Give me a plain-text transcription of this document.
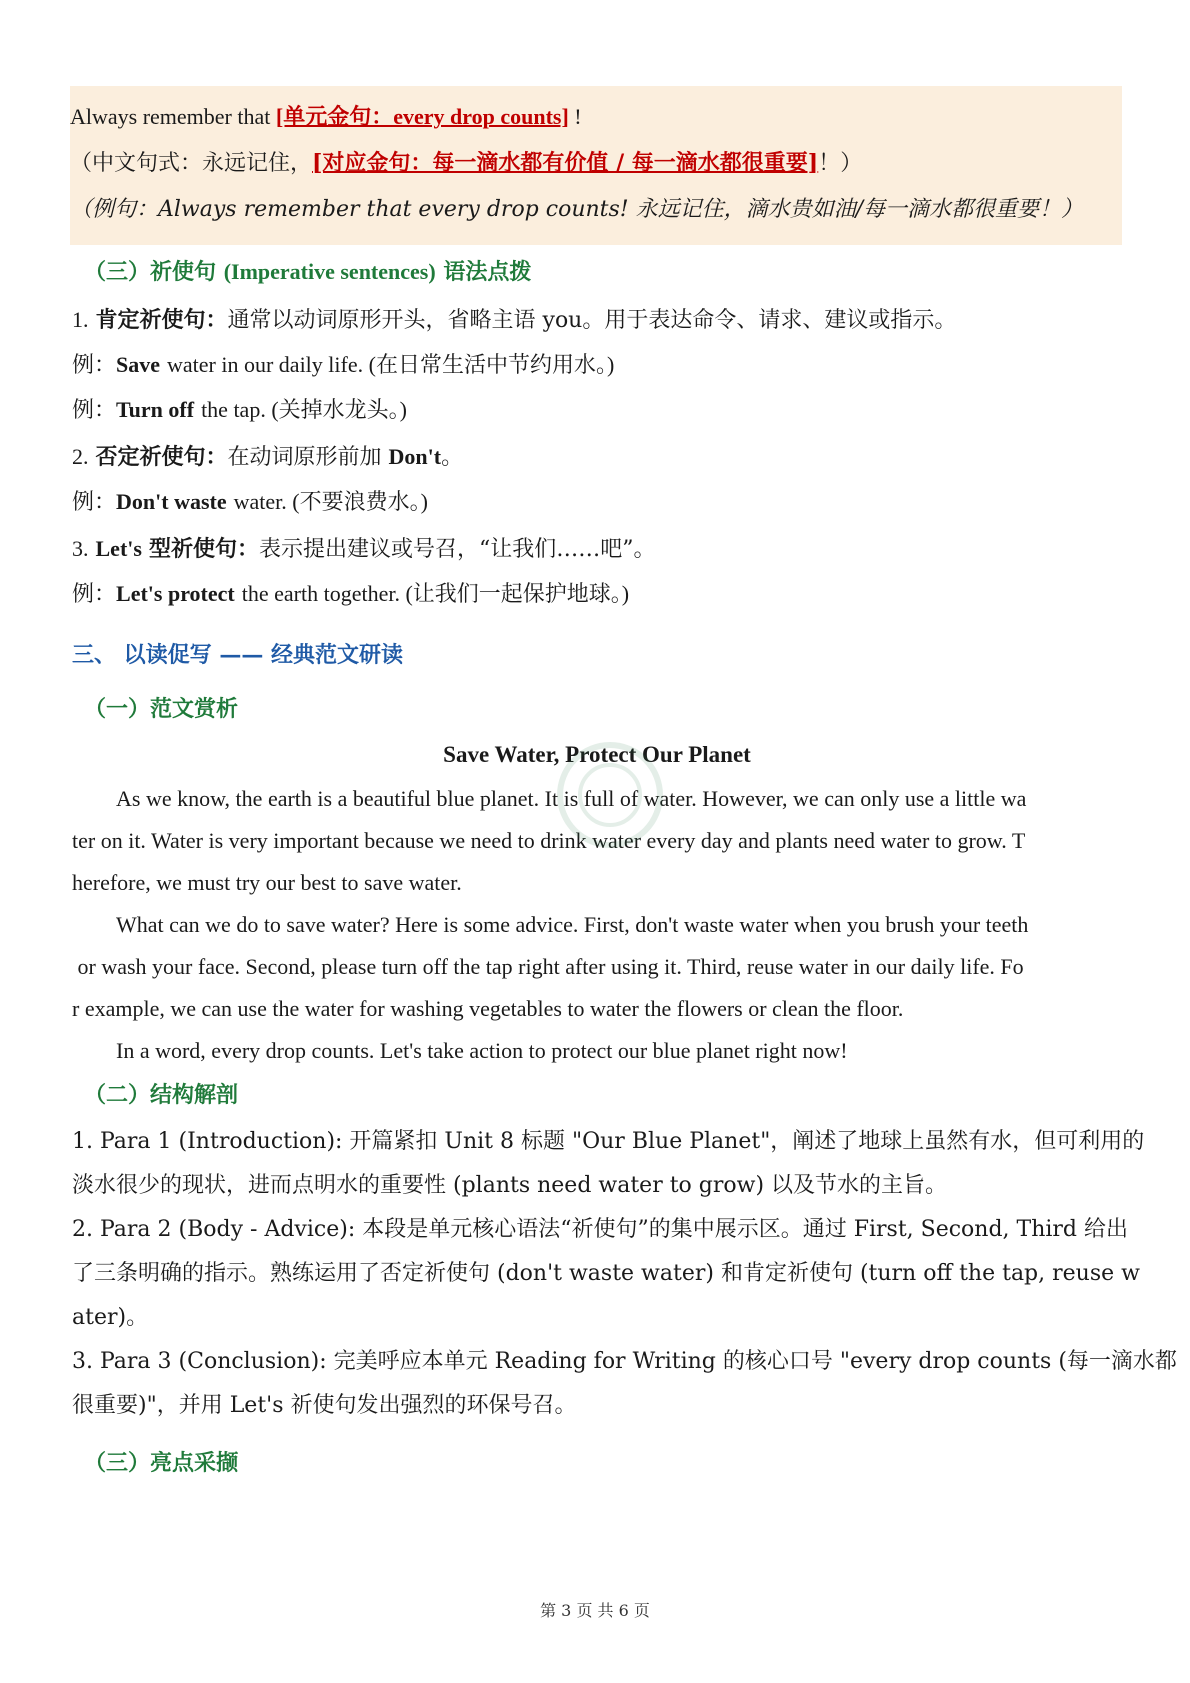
Always remember that [单元金句：every drop counts] !
（中文句式：永远记住，[对应金句：每一滴水都有价值 / 每一滴水都很重要]！）
（例句：Always remember that every drop counts! 永远记住，滴水贵如油/每一滴水都很重要！）
（三）祈使句 (Imperative sentences) 语法点拨
1. 肯定祈使句：通常以动词原形开头，省略主语 you。用于表达命令、请求、建议或指示。
例：Save water in our daily life. (在日常生活中节约用水。)
例：Turn off the tap. (关掉水龙头。)
2. 否定祈使句：在动词原形前加 Don't。
例：Don't waste water. (不要浪费水。)
3. Let's 型祈使句：表示提出建议或号召，“让我们……吧”。
例：Let's protect the earth together. (让我们一起保护地球。)
三、 以读促写 —— 经典范文研读
（一）范文赏析
Save Water, Protect Our Planet
As we know, the earth is a beautiful blue planet. It is full of water. However, we can only use a little wa
ter on it. Water is very important because we need to drink water every day and plants need water to grow. T
herefore, we must try our best to save water.
What can we do to save water? Here is some advice. First, don't waste water when you brush your teeth
or wash your face. Second, please turn off the tap right after using it. Third, reuse water in our daily life. Fo
r example, we can use the water for washing vegetables to water the flowers or clean the floor.
In a word, every drop counts. Let's take action to protect our blue planet right now!
（二）结构解剖
1. Para 1 (Introduction): 开篇紧扣 Unit 8 标题 "Our Blue Planet"，阐述了地球上虽然有水，但可利用的
淡水很少的现状，进而点明水的重要性 (plants need water to grow) 以及节水的主旨。
2. Para 2 (Body - Advice): 本段是单元核心语法“祈使句”的集中展示区。通过 First, Second, Third 给出
了三条明确的指示。熟练运用了否定祈使句 (don't waste water) 和肯定祈使句 (turn off the tap, reuse w
ater)。
3. Para 3 (Conclusion): 完美呼应本单元 Reading for Writing 的核心口号 "every drop counts (每一滴水都
很重要)"，并用 Let's 祈使句发出强烈的环保号召。
（三）亮点采撷
第 3 页 共 6 页
